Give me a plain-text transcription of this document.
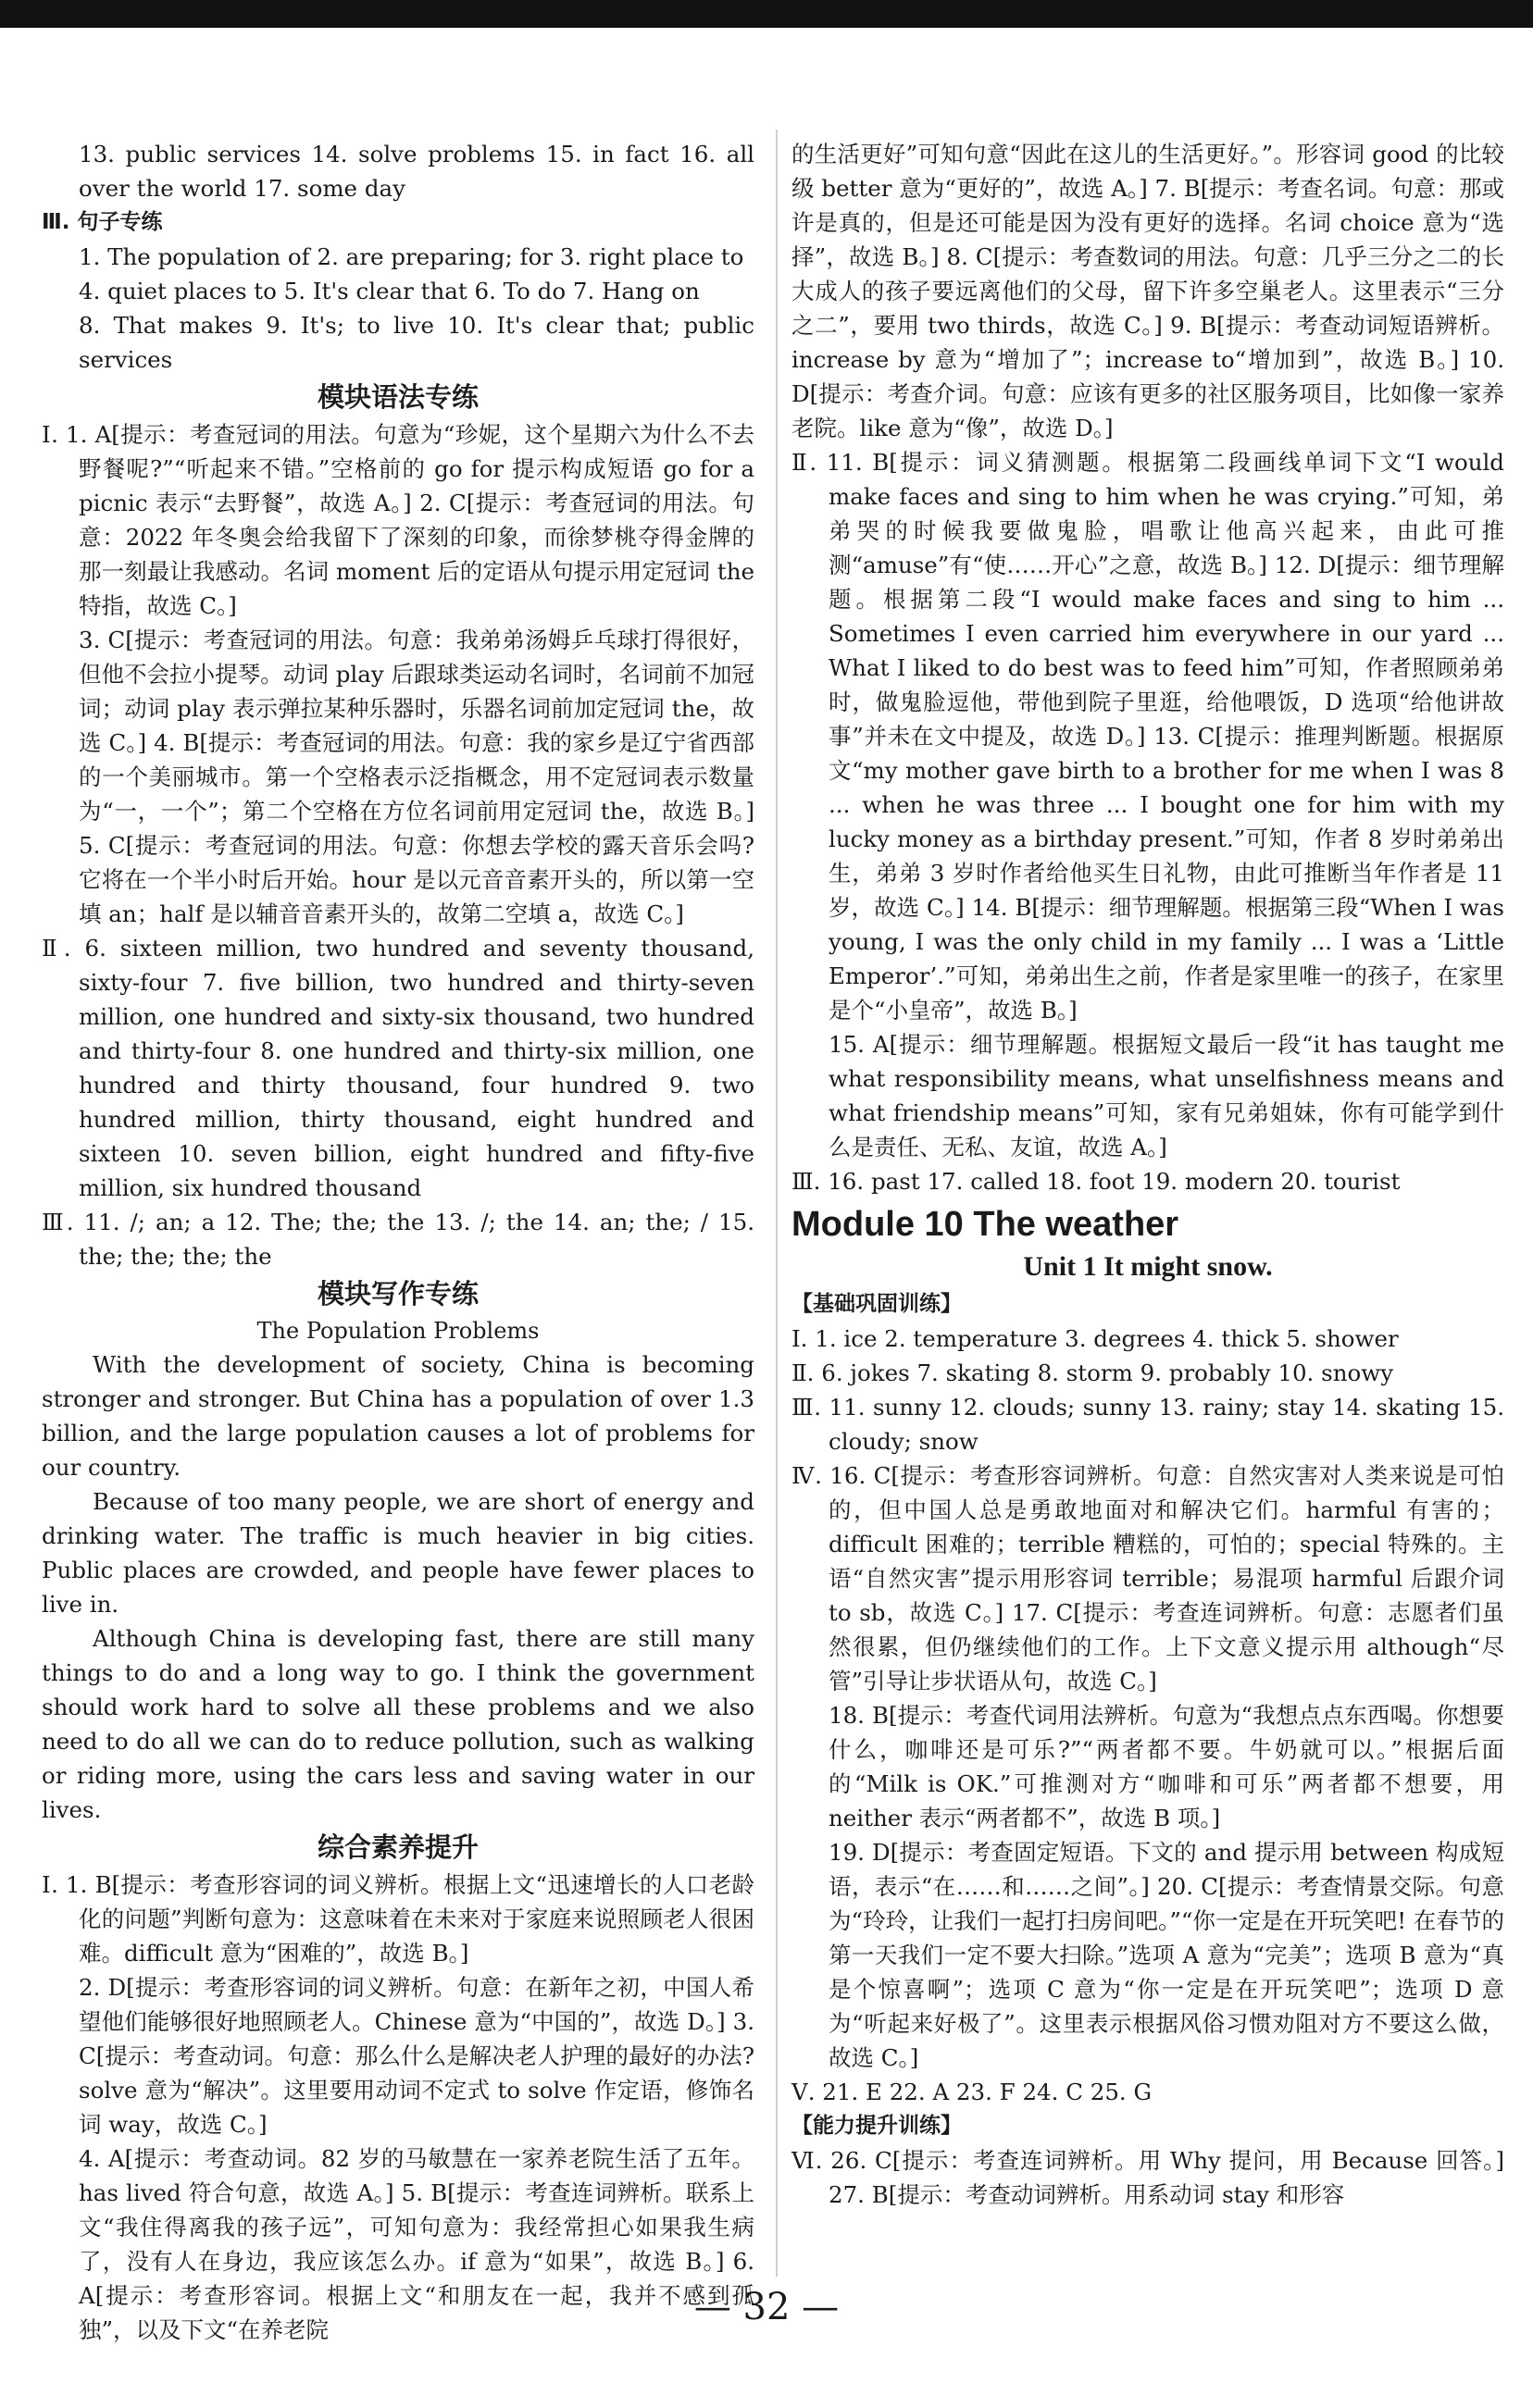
13. public services 14. solve problems 15. in fact 16. all over the world 17. some day

Ⅲ. 句子专练

1. The population of 2. are preparing; for 3. right place to

4. quiet places to 5. It's clear that 6. To do 7. Hang on

8. That makes 9. It's; to live 10. It's clear that; public services

模块语法专练

Ⅰ. 1. A[提示：考查冠词的用法。句意为“珍妮，这个星期六为什么不去野餐呢?”“听起来不错。”空格前的 go for 提示构成短语 go for a picnic 表示“去野餐”，故选 A。] 2. C[提示：考查冠词的用法。句意：2022 年冬奥会给我留下了深刻的印象，而徐梦桃夺得金牌的那一刻最让我感动。名词 moment 后的定语从句提示用定冠词 the 特指，故选 C。]

3. C[提示：考查冠词的用法。句意：我弟弟汤姆乒乓球打得很好，但他不会拉小提琴。动词 play 后跟球类运动名词时，名词前不加冠词；动词 play 表示弹拉某种乐器时，乐器名词前加定冠词 the，故选 C。] 4. B[提示：考查冠词的用法。句意：我的家乡是辽宁省西部的一个美丽城市。第一个空格表示泛指概念，用不定冠词表示数量为“一，一个”；第二个空格在方位名词前用定冠词 the，故选 B。] 5. C[提示：考查冠词的用法。句意：你想去学校的露天音乐会吗?它将在一个半小时后开始。hour 是以元音音素开头的，所以第一空填 an；half 是以辅音音素开头的，故第二空填 a，故选 C。]

Ⅱ. 6. sixteen million, two hundred and seventy thousand, sixty-four 7. five billion, two hundred and thirty-seven million, one hundred and sixty-six thousand, two hundred and thirty-four 8. one hundred and thirty-six million, one hundred and thirty thousand, four hundred 9. two hundred million, thirty thousand, eight hundred and sixteen 10. seven billion, eight hundred and fifty-five million, six hundred thousand

Ⅲ. 11. /; an; a 12. The; the; the 13. /; the 14. an; the; / 15. the; the; the; the

模块写作专练
The Population Problems

With the development of society, China is becoming stronger and stronger. But China has a population of over 1.3 billion, and the large population causes a lot of problems for our country.

Because of too many people, we are short of energy and drinking water. The traffic is much heavier in big cities. Public places are crowded, and people have fewer places to live in.

Although China is developing fast, there are still many things to do and a long way to go. I think the government should work hard to solve all these problems and we also need to do all we can do to reduce pollution, such as walking or riding more, using the cars less and saving water in our lives.

综合素养提升

Ⅰ. 1. B[提示：考查形容词的词义辨析。根据上文“迅速增长的人口老龄化的问题”判断句意为：这意味着在未来对于家庭来说照顾老人很困难。difficult 意为“困难的”，故选 B。]

2. D[提示：考查形容词的词义辨析。句意：在新年之初，中国人希望他们能够很好地照顾老人。Chinese 意为“中国的”，故选 D。] 3. C[提示：考查动词。句意：那么什么是解决老人护理的最好的办法? solve 意为“解决”。这里要用动词不定式 to solve 作定语，修饰名词 way，故选 C。]

4. A[提示：考查动词。82 岁的马敏慧在一家养老院生活了五年。has lived 符合句意，故选 A。] 5. B[提示：考查连词辨析。联系上文“我住得离我的孩子远”，可知句意为：我经常担心如果我生病了，没有人在身边，我应该怎么办。if 意为“如果”，故选 B。] 6. A[提示：考查形容词。根据上文“和朋友在一起，我并不感到孤独”，以及下文“在养老院

的生活更好”可知句意“因此在这儿的生活更好。”。形容词 good 的比较级 better 意为“更好的”，故选 A。] 7. B[提示：考查名词。句意：那或许是真的，但是还可能是因为没有更好的选择。名词 choice 意为“选择”，故选 B。] 8. C[提示：考查数词的用法。句意：几乎三分之二的长大成人的孩子要远离他们的父母，留下许多空巢老人。这里表示“三分之二”，要用 two thirds，故选 C。] 9. B[提示：考查动词短语辨析。increase by 意为“增加了”；increase to“增加到”，故选 B。] 10. D[提示：考查介词。句意：应该有更多的社区服务项目，比如像一家养老院。like 意为“像”，故选 D。]

Ⅱ. 11. B[提示：词义猜测题。根据第二段画线单词下文“I would make faces and sing to him when he was crying.”可知，弟弟哭的时候我要做鬼脸，唱歌让他高兴起来，由此可推测“amuse”有“使……开心”之意，故选 B。] 12. D[提示：细节理解题。根据第二段“I would make faces and sing to him ... Sometimes I even carried him everywhere in our yard ... What I liked to do best was to feed him”可知，作者照顾弟弟时，做鬼脸逗他，带他到院子里逛，给他喂饭，D 选项“给他讲故事”并未在文中提及，故选 D。] 13. C[提示：推理判断题。根据原文“my mother gave birth to a brother for me when I was 8 ... when he was three ... I bought one for him with my lucky money as a birthday present.”可知，作者 8 岁时弟弟出生，弟弟 3 岁时作者给他买生日礼物，由此可推断当年作者是 11 岁，故选 C。] 14. B[提示：细节理解题。根据第三段“When I was young, I was the only child in my family ... I was a ‘Little Emperor’.”可知，弟弟出生之前，作者是家里唯一的孩子，在家里是个“小皇帝”，故选 B。]

15. A[提示：细节理解题。根据短文最后一段“it has taught me what responsibility means, what unselfishness means and what friendship means”可知，家有兄弟姐妹，你有可能学到什么是责任、无私、友谊，故选 A。]

Ⅲ. 16. past 17. called 18. foot 19. modern 20. tourist

Module 10 The weather
Unit 1 It might snow.

【基础巩固训练】

Ⅰ. 1. ice 2. temperature 3. degrees 4. thick 5. shower

Ⅱ. 6. jokes 7. skating 8. storm 9. probably 10. snowy

Ⅲ. 11. sunny 12. clouds; sunny 13. rainy; stay 14. skating 15. cloudy; snow

Ⅳ. 16. C[提示：考查形容词辨析。句意：自然灾害对人类来说是可怕的，但中国人总是勇敢地面对和解决它们。harmful 有害的；difficult 困难的；terrible 糟糕的，可怕的；special 特殊的。主语“自然灾害”提示用形容词 terrible；易混项 harmful 后跟介词 to sb，故选 C。] 17. C[提示：考查连词辨析。句意：志愿者们虽然很累，但仍继续他们的工作。上下文意义提示用 although“尽管”引导让步状语从句，故选 C。]

18. B[提示：考查代词用法辨析。句意为“我想点点东西喝。你想要什么，咖啡还是可乐?”“两者都不要。牛奶就可以。”根据后面的“Milk is OK.”可推测对方“咖啡和可乐”两者都不想要，用 neither 表示“两者都不”，故选 B 项。]

19. D[提示：考查固定短语。下文的 and 提示用 between 构成短语，表示“在……和……之间”。] 20. C[提示：考查情景交际。句意为“玲玲，让我们一起打扫房间吧。”“你一定是在开玩笑吧! 在春节的第一天我们一定不要大扫除。”选项 A 意为“完美”；选项 B 意为“真是个惊喜啊”；选项 C 意为“你一定是在开玩笑吧”；选项 D 意为“听起来好极了”。这里表示根据风俗习惯劝阻对方不要这么做，故选 C。]

Ⅴ. 21. E 22. A 23. F 24. C 25. G

【能力提升训练】

Ⅵ. 26. C[提示：考查连词辨析。用 Why 提问，用 Because 回答。] 27. B[提示：考查动词辨析。用系动词 stay 和形容

— 32 —
